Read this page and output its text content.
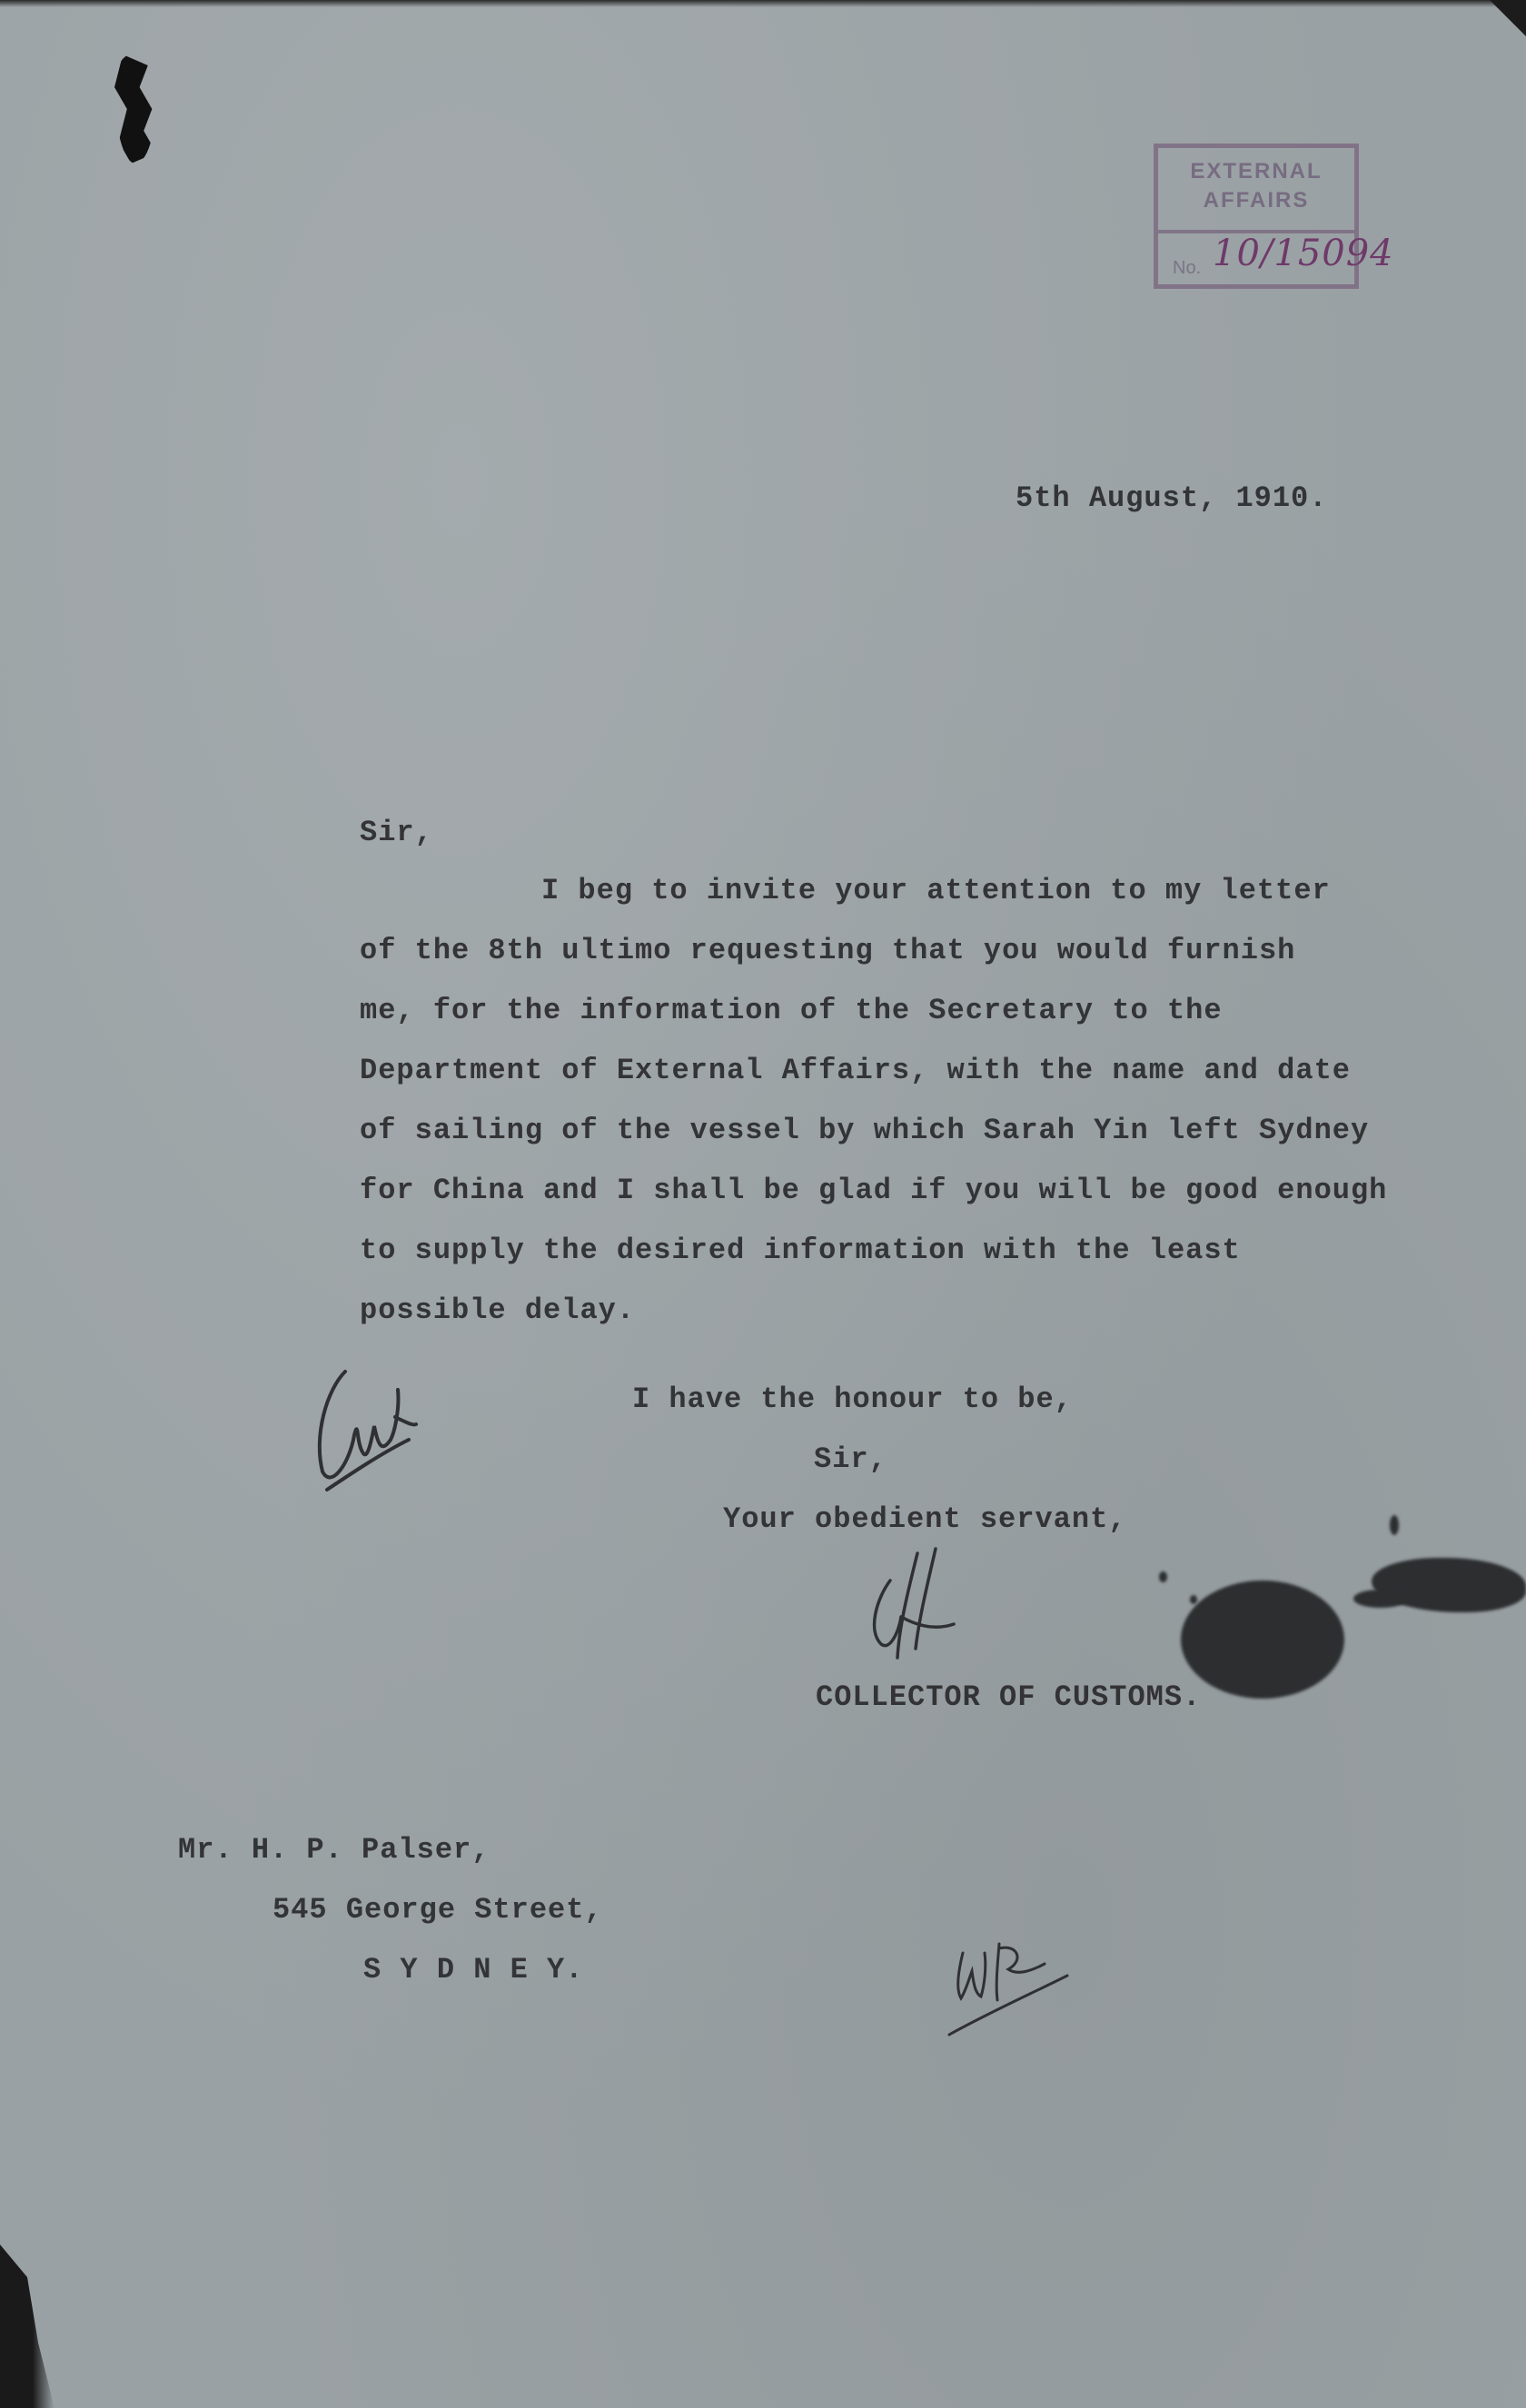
EXTERNAL
AFFAIRS
No. 10/15094

5th August, 1910.

Sir,

I beg to invite your attention to my letter

of the 8th ultimo requesting that you would furnish

me, for the information of the Secretary to the

Department of External Affairs, with the name and date

of sailing of the vessel by which Sarah Yin left Sydney

for China and I shall be glad if you will be good enough

to supply the desired information with the least

possible delay.

I have the honour to be,

Sir,

Your obedient servant,

COLLECTOR OF CUSTOMS.

Mr. H. P. Palser,

545 George Street,

S Y D N E Y.
